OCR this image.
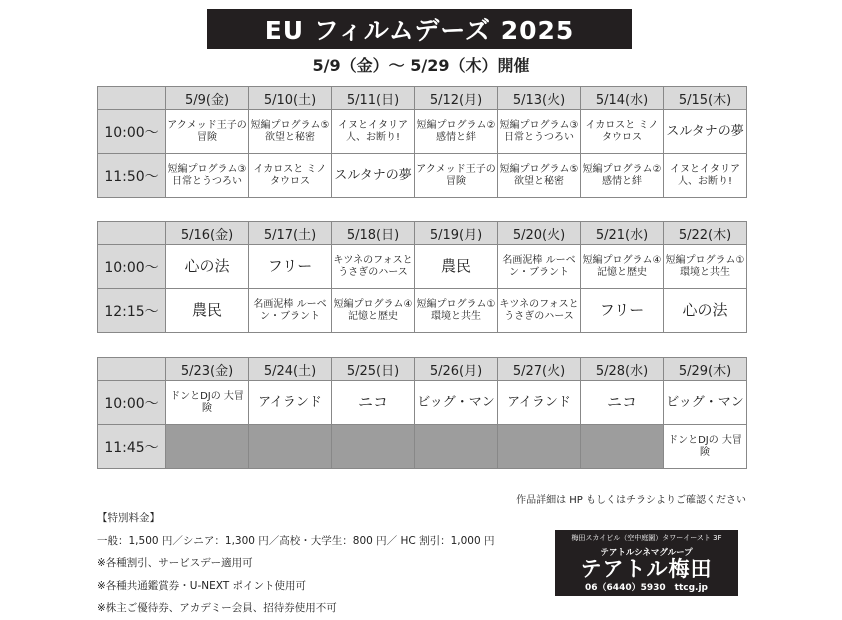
EU フィルムデーズ 2025
5/9（金）～ 5/29（木）開催
	5/9(金)	5/10(土)	5/11(日)	5/12(月)	5/13(火)	5/14(水)	5/15(木)
10:00～	アクメッド王子の冒険	短編プログラム⑤ 欲望と秘密	イヌとイタリア人、お断り!	短編プログラム② 感情と絆	短編プログラム③ 日常とうつろい	イカロスと ミノタウロス	スルタナの夢
11:50～	短編プログラム③ 日常とうつろい	イカロスと ミノタウロス	スルタナの夢	アクメッド王子の冒険	短編プログラム⑤ 欲望と秘密	短編プログラム② 感情と絆	イヌとイタリア人、お断り!
	5/16(金)	5/17(土)	5/18(日)	5/19(月)	5/20(火)	5/21(水)	5/22(木)
10:00～	心の法	フリー	キツネのフォスとうさぎのハース	農民	名画泥棒 ルーベン・ブラント	短編プログラム④ 記憶と歴史	短編プログラム① 環境と共生
12:15～	農民	名画泥棒 ルーベン・ブラント	短編プログラム④ 記憶と歴史	短編プログラム① 環境と共生	キツネのフォスとうさぎのハース	フリー	心の法
	5/23(金)	5/24(土)	5/25(日)	5/26(月)	5/27(火)	5/28(水)	5/29(木)
10:00～	ドンとDJの 大冒険	アイランド	ニコ	ビッグ・マン	アイランド	ニコ	ビッグ・マン
11:45～							ドンとDJの 大冒険
作品詳細は HP もしくはチラシよりご確認ください
【特別料金】
一般：1,500 円／シニア：1,300 円／高校・大学生：800 円／ HC 割引：1,000 円
※各種割引、サービスデー適用可
※各種共通鑑賞券・U-NEXT ポイント使用可
※株主ご優待券、アカデミー会員、招待券使用不可
梅田スカイビル（空中庭園）タワーイースト 3F
テアトルシネマグループ
テアトル梅田
06（6440）5930　ttcg.jp
